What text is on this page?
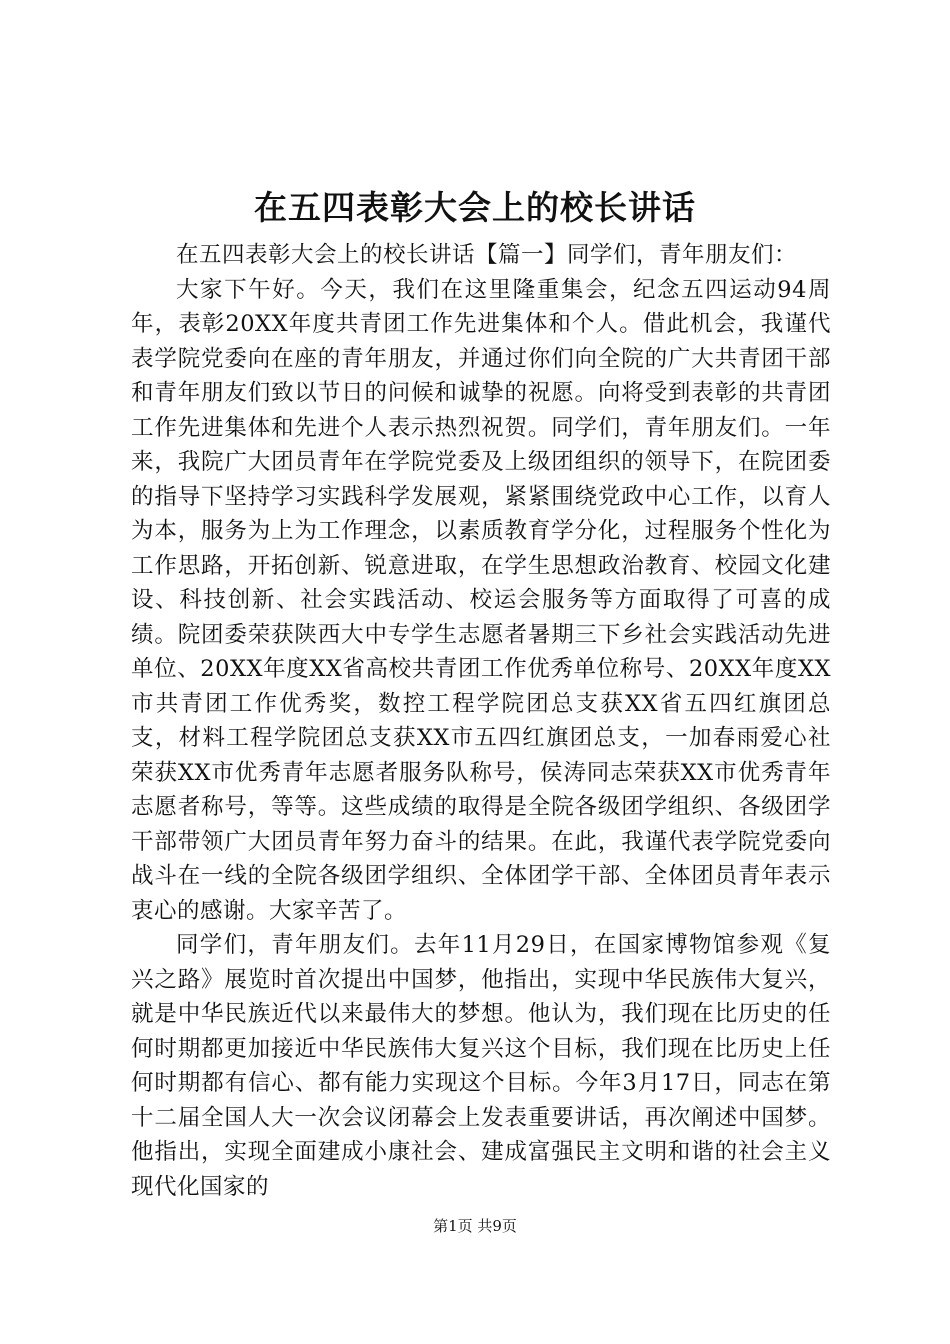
在五四表彰大会上的校长讲话

在五四表彰大会上的校长讲话【篇一】同学们，青年朋友们：

大家下午好。今天，我们在这里隆重集会，纪念五四运动94周年，表彰20XX年度共青团工作先进集体和个人。借此机会，我谨代表学院党委向在座的青年朋友，并通过你们向全院的广大共青团干部和青年朋友们致以节日的问候和诚挚的祝愿。向将受到表彰的共青团工作先进集体和先进个人表示热烈祝贺。同学们，青年朋友们。一年来，我院广大团员青年在学院党委及上级团组织的领导下，在院团委的指导下坚持学习实践科学发展观，紧紧围绕党政中心工作，以育人为本，服务为上为工作理念，以素质教育学分化，过程服务个性化为工作思路，开拓创新、锐意进取，在学生思想政治教育、校园文化建设、科技创新、社会实践活动、校运会服务等方面取得了可喜的成绩。院团委荣获陕西大中专学生志愿者暑期三下乡社会实践活动先进单位、20XX年度XX省高校共青团工作优秀单位称号、20XX年度XX市共青团工作优秀奖，数控工程学院团总支获XX省五四红旗团总支，材料工程学院团总支获XX市五四红旗团总支，一加春雨爱心社荣获XX市优秀青年志愿者服务队称号，侯涛同志荣获XX市优秀青年志愿者称号，等等。这些成绩的取得是全院各级团学组织、各级团学干部带领广大团员青年努力奋斗的结果。在此，我谨代表学院党委向战斗在一线的全院各级团学组织、全体团学干部、全体团员青年表示衷心的感谢。大家辛苦了。

同学们，青年朋友们。去年11月29日，在国家博物馆参观《复兴之路》展览时首次提出中国梦，他指出，实现中华民族伟大复兴，就是中华民族近代以来最伟大的梦想。他认为，我们现在比历史的任何时期都更加接近中华民族伟大复兴这个目标，我们现在比历史上任何时期都有信心、都有能力实现这个目标。今年3月17日，同志在第十二届全国人大一次会议闭幕会上发表重要讲话，再次阐述中国梦。他指出，实现全面建成小康社会、建成富强民主文明和谐的社会主义现代化国家的

第1页 共9页
